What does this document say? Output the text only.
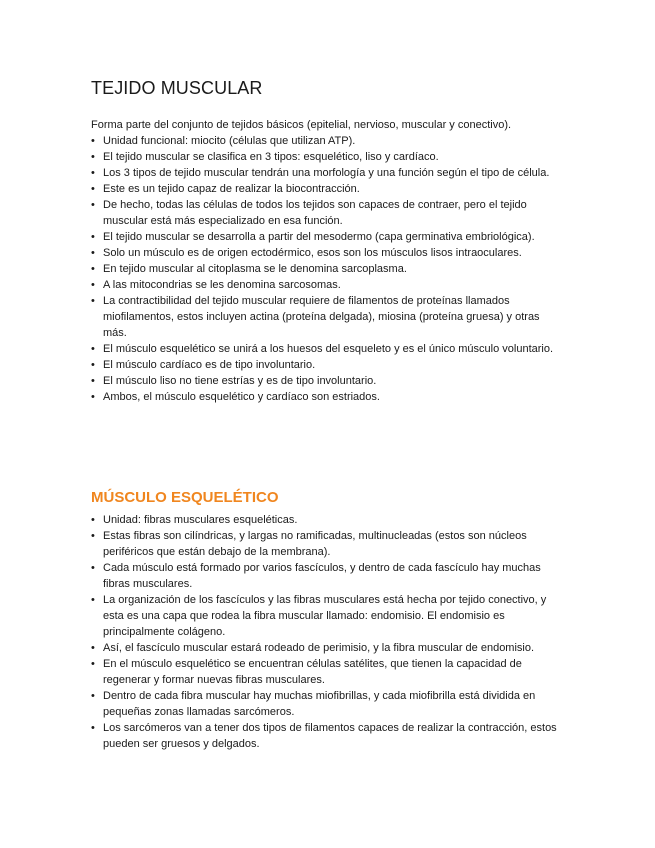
TEJIDO MUSCULAR

Forma parte del conjunto de tejidos básicos (epitelial, nervioso, muscular y conectivo).

• Unidad funcional: miocito (células que utilizan ATP).
• El tejido muscular se clasifica en 3 tipos: esquelético, liso y cardíaco.
• Los 3 tipos de tejido muscular tendrán una morfología y una función según el tipo de célula.
• Este es un tejido capaz de realizar la biocontracción.
• De hecho, todas las células de todos los tejidos son capaces de contraer, pero el tejido muscular está más especializado en esa función.
• El tejido muscular se desarrolla a partir del mesodermo (capa germinativa embriológica).
• Solo un músculo es de origen ectodérmico, esos son los músculos lisos intraoculares.
• En tejido muscular al citoplasma se le denomina sarcoplasma.
• A las mitocondrias se les denomina sarcosomas.
• La contractibilidad del tejido muscular requiere de filamentos de proteínas llamados miofilamentos, estos incluyen actina (proteína delgada), miosina (proteína gruesa) y otras más.
• El músculo esquelético se unirá a los huesos del esqueleto y es el único músculo voluntario.
• El músculo cardíaco es de tipo involuntario.
• El músculo liso no tiene estrías y es de tipo involuntario.
• Ambos, el músculo esquelético y cardíaco son estriados.
MÚSCULO ESQUELÉTICO
• Unidad: fibras musculares esqueléticas.
• Estas fibras son cilíndricas, y largas no ramificadas, multinucleadas (estos son núcleos periféricos que están debajo de la membrana).
• Cada músculo está formado por varios fascículos, y dentro de cada fascículo hay muchas fibras musculares.
• La organización de los fascículos y las fibras musculares está hecha por tejido conectivo, y esta es una capa que rodea la fibra muscular llamado: endomisio. El endomisio es principalmente colágeno.
• Así, el fascículo muscular estará rodeado de perimisio, y la fibra muscular de endomisio.
• En el músculo esquelético se encuentran células satélites, que tienen la capacidad de regenerar y formar nuevas fibras musculares.
• Dentro de cada fibra muscular hay muchas miofibrillas, y cada miofibrilla está dividida en pequeñas zonas llamadas sarcómeros.
• Los sarcómeros van a tener dos tipos de filamentos capaces de realizar la contracción, estos pueden ser gruesos y delgados.
